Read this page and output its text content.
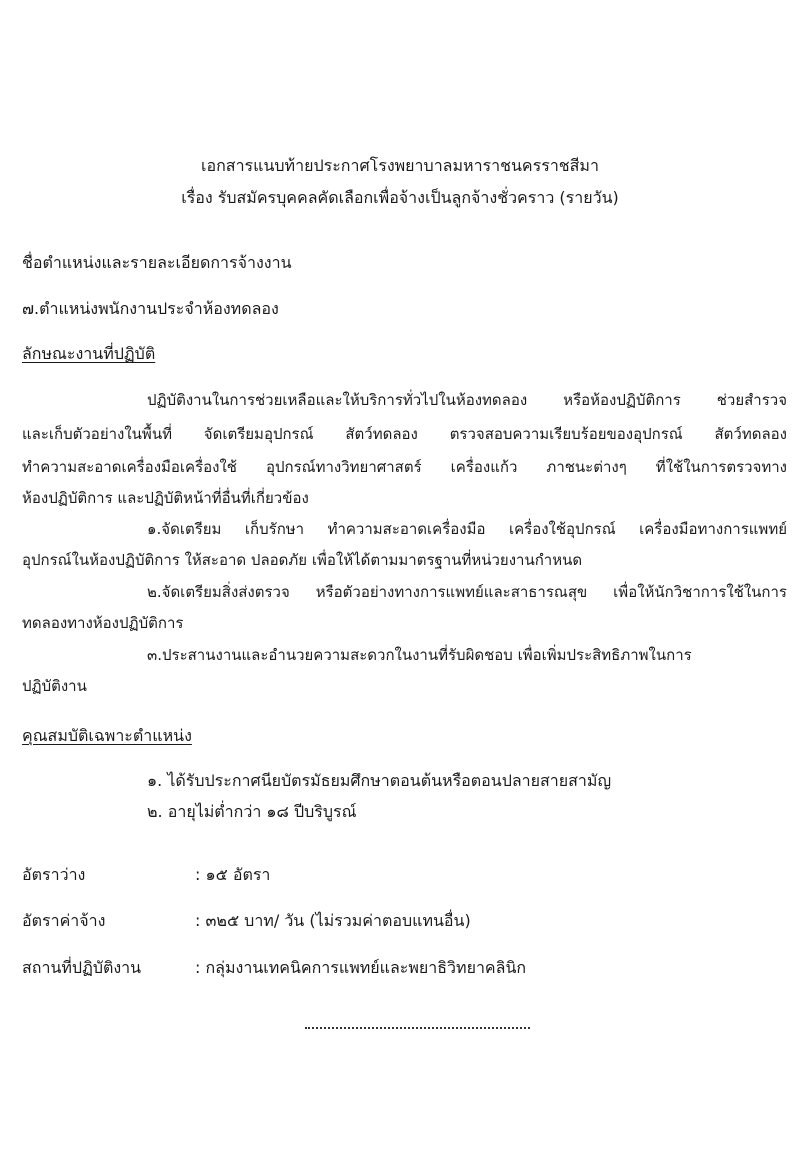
เอกสารแนบท้ายประกาศโรงพยาบาลมหาราชนครราชสีมา
เรื่อง รับสมัครบุคคลคัดเลือกเพื่อจ้างเป็นลูกจ้างชั่วคราว (รายวัน)
ชื่อตำแหน่งและรายละเอียดการจ้างงาน
๗.ตำแหน่งพนักงานประจำห้องทดลอง
ลักษณะงานที่ปฏิบัติ
ปฏิบัติงานในการช่วยเหลือและให้บริการทั่วไปในห้องทดลอง หรือห้องปฏิบัติการ ช่วยสำรวจ
และเก็บตัวอย่างในพื้นที่ จัดเตรียมอุปกรณ์ สัตว์ทดลอง ตรวจสอบความเรียบร้อยของอุปกรณ์ สัตว์ทดลอง
ทำความสะอาดเครื่องมือเครื่องใช้ อุปกรณ์ทางวิทยาศาสตร์ เครื่องแก้ว ภาชนะต่างๆ ที่ใช้ในการตรวจทาง
ห้องปฏิบัติการ และปฏิบัติหน้าที่อื่นที่เกี่ยวข้อง
๑.จัดเตรียม เก็บรักษา ทำความสะอาดเครื่องมือ เครื่องใช้อุปกรณ์ เครื่องมือทางการแพทย์
อุปกรณ์ในห้องปฏิบัติการ ให้สะอาด ปลอดภัย เพื่อให้ได้ตามมาตรฐานที่หน่วยงานกำหนด
๒.จัดเตรียมสิ่งส่งตรวจ หรือตัวอย่างทางการแพทย์และสาธารณสุข เพื่อให้นักวิชาการใช้ในการ
ทดลองทางห้องปฏิบัติการ
๓.ประสานงานและอำนวยความสะดวกในงานที่รับผิดชอบ เพื่อเพิ่มประสิทธิภาพในการ
ปฏิบัติงาน
คุณสมบัติเฉพาะตำแหน่ง
๑. ได้รับประกาศนียบัตรมัธยมศึกษาตอนต้นหรือตอนปลายสายสามัญ
๒. อายุไม่ต่ำกว่า ๑๘ ปีบริบูรณ์
อัตราว่าง	: ๑๕ อัตรา
อัตราค่าจ้าง	: ๓๒๕ บาท/ วัน (ไม่รวมค่าตอบแทนอื่น)
สถานที่ปฏิบัติงาน	: กลุ่มงานเทคนิคการแพทย์และพยาธิวิทยาคลินิก
